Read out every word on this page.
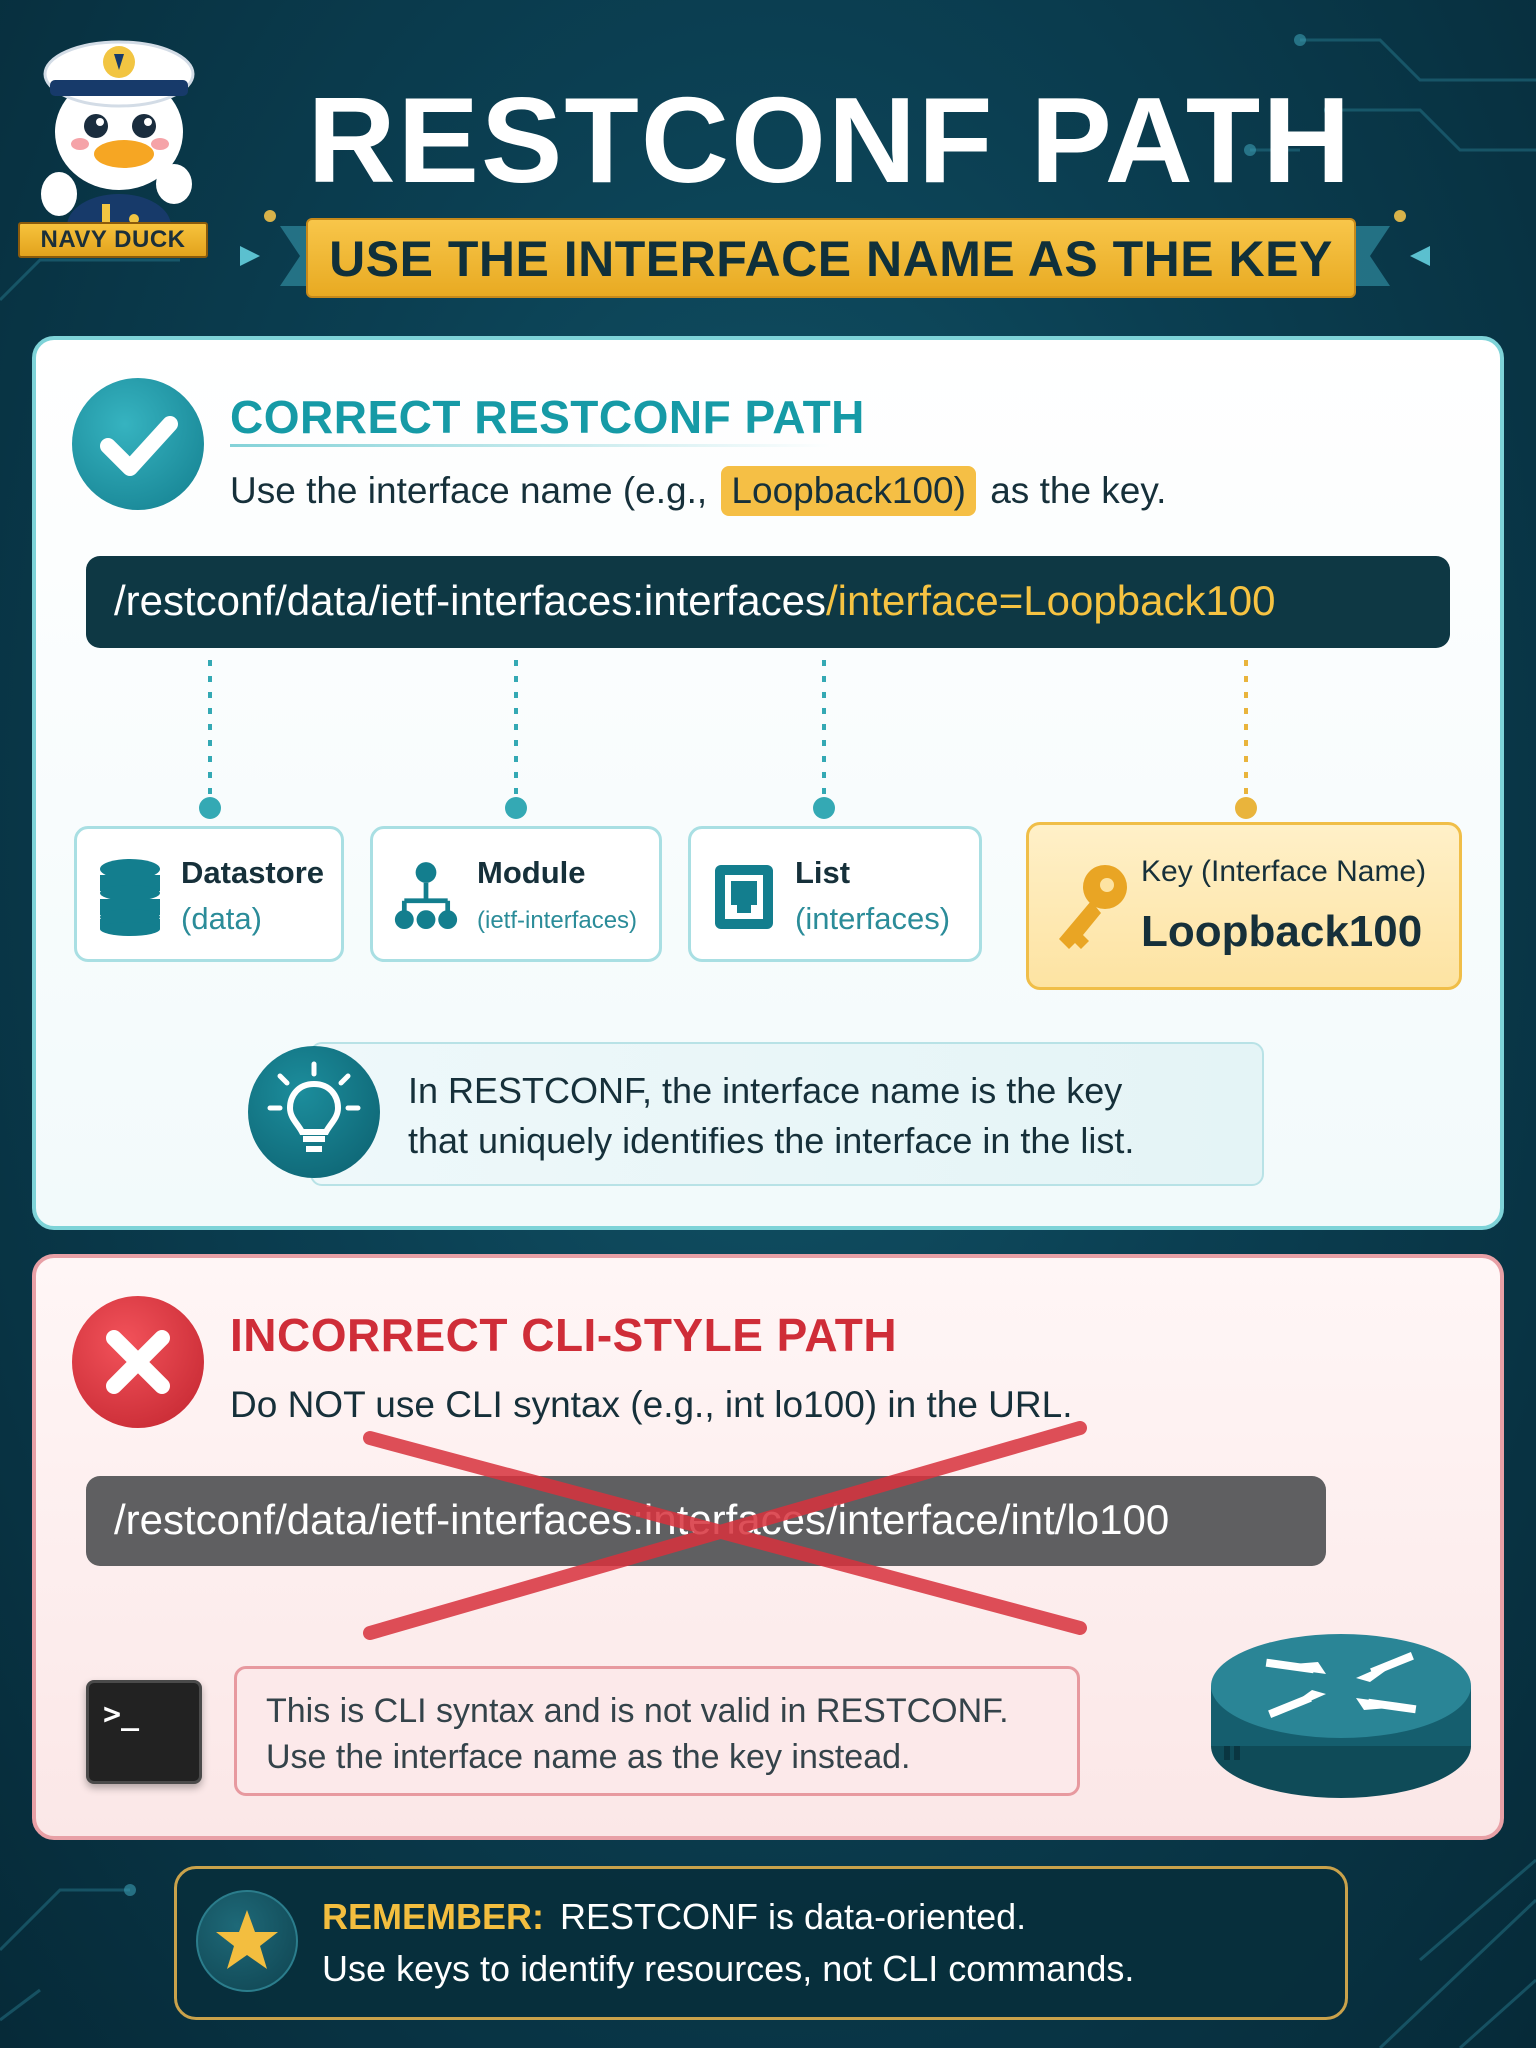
NAVY DUCK
RESTCONF PATH
USE THE INTERFACE NAME AS THE KEY
CORRECT RESTCONF PATH
Use the interface name (e.g., Loopback100) as the key.
/restconf/data/ietf-interfaces:interfaces/interface=Loopback100
Datastore
(data)
Module
(ietf-interfaces)
List
(interfaces)
Key (Interface Name)
Loopback100
In RESTCONF, the interface name is the key
that uniquely identifies the interface in the list.
INCORRECT CLI-STYLE PATH
Do NOT use CLI syntax (e.g., int lo100) in the URL.
/restconf/data/ietf-interfaces:interfaces/interface/int/lo100
>_	This is CLI syntax and is not valid in RESTCONF.
Use the interface name as the key instead.
REMEMBER: RESTCONF is data-oriented.
Use keys to identify resources, not CLI commands.
